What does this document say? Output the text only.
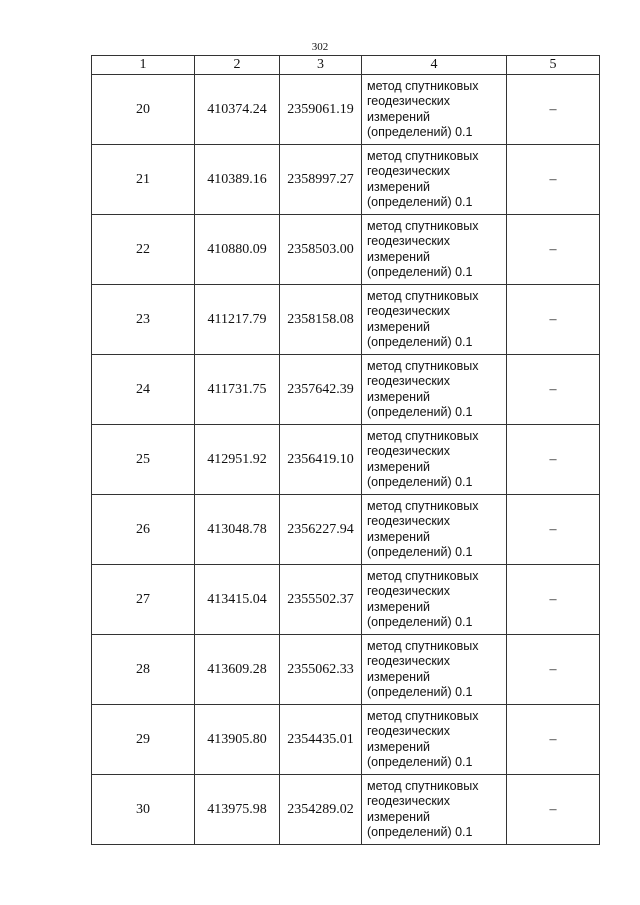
302
1	2	3	4	5
20	410374.24	2359061.19	метод спутниковых
геодезических
измерений
(определений) 0.1	–
21	410389.16	2358997.27	метод спутниковых
геодезических
измерений
(определений) 0.1	–
22	410880.09	2358503.00	метод спутниковых
геодезических
измерений
(определений) 0.1	–
23	411217.79	2358158.08	метод спутниковых
геодезических
измерений
(определений) 0.1	–
24	411731.75	2357642.39	метод спутниковых
геодезических
измерений
(определений) 0.1	–
25	412951.92	2356419.10	метод спутниковых
геодезических
измерений
(определений) 0.1	–
26	413048.78	2356227.94	метод спутниковых
геодезических
измерений
(определений) 0.1	–
27	413415.04	2355502.37	метод спутниковых
геодезических
измерений
(определений) 0.1	–
28	413609.28	2355062.33	метод спутниковых
геодезических
измерений
(определений) 0.1	–
29	413905.80	2354435.01	метод спутниковых
геодезических
измерений
(определений) 0.1	–
30	413975.98	2354289.02	метод спутниковых
геодезических
измерений
(определений) 0.1	–
